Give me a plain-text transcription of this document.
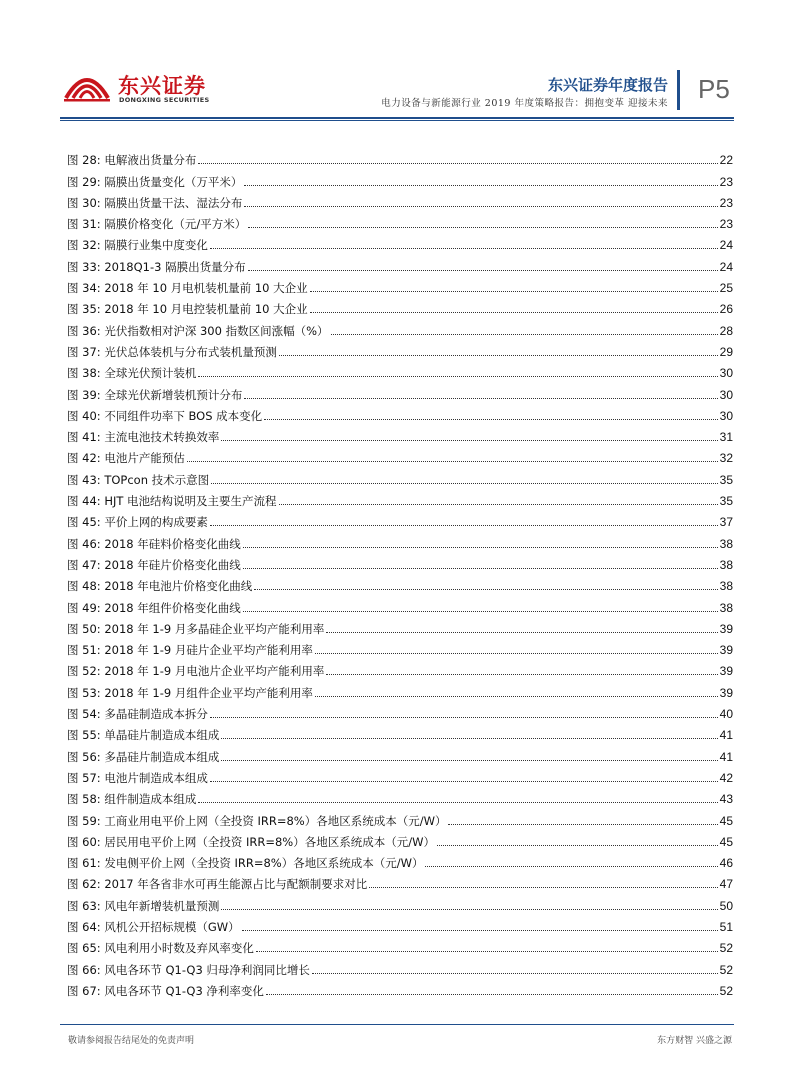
东兴证券
DONGXING SECURITIES
东兴证券年度报告
电力设备与新能源行业 2019 年度策略报告：拥抱变革 迎接未来 P5
图 28: 电解液出货量分布	22
图 29: 隔膜出货量变化（万平米）	23
图 30: 隔膜出货量干法、湿法分布	23
图 31: 隔膜价格变化（元/平方米）	23
图 32: 隔膜行业集中度变化	24
图 33: 2018Q1-3 隔膜出货量分布	24
图 34: 2018 年 10 月电机装机量前 10 大企业	25
图 35: 2018 年 10 月电控装机量前 10 大企业	26
图 36: 光伏指数相对沪深 300 指数区间涨幅（%）	28
图 37: 光伏总体装机与分布式装机量预测	29
图 38: 全球光伏预计装机	30
图 39: 全球光伏新增装机预计分布	30
图 40: 不同组件功率下 BOS 成本变化	30
图 41: 主流电池技术转换效率	31
图 42: 电池片产能预估	32
图 43: TOPcon 技术示意图	35
图 44: HJT 电池结构说明及主要生产流程	35
图 45: 平价上网的构成要素	37
图 46: 2018 年硅料价格变化曲线	38
图 47: 2018 年硅片价格变化曲线	38
图 48: 2018 年电池片价格变化曲线	38
图 49: 2018 年组件价格变化曲线	38
图 50: 2018 年 1-9 月多晶硅企业平均产能利用率	39
图 51: 2018 年 1-9 月硅片企业平均产能利用率	39
图 52: 2018 年 1-9 月电池片企业平均产能利用率	39
图 53: 2018 年 1-9 月组件企业平均产能利用率	39
图 54: 多晶硅制造成本拆分	40
图 55: 单晶硅片制造成本组成	41
图 56: 多晶硅片制造成本组成	41
图 57: 电池片制造成本组成	42
图 58: 组件制造成本组成	43
图 59: 工商业用电平价上网（全投资 IRR=8%）各地区系统成本（元/W）	45
图 60: 居民用电平价上网（全投资 IRR=8%）各地区系统成本（元/W）	45
图 61: 发电侧平价上网（全投资 IRR=8%）各地区系统成本（元/W）	46
图 62: 2017 年各省非水可再生能源占比与配额制要求对比	47
图 63: 风电年新增装机量预测	50
图 64: 风机公开招标规模（GW）	51
图 65: 风电利用小时数及弃风率变化	52
图 66: 风电各环节 Q1-Q3 归母净利润同比增长	52
图 67: 风电各环节 Q1-Q3 净利率变化	52
敬请参阅报告结尾处的免责声明	东方财智 兴盛之源
